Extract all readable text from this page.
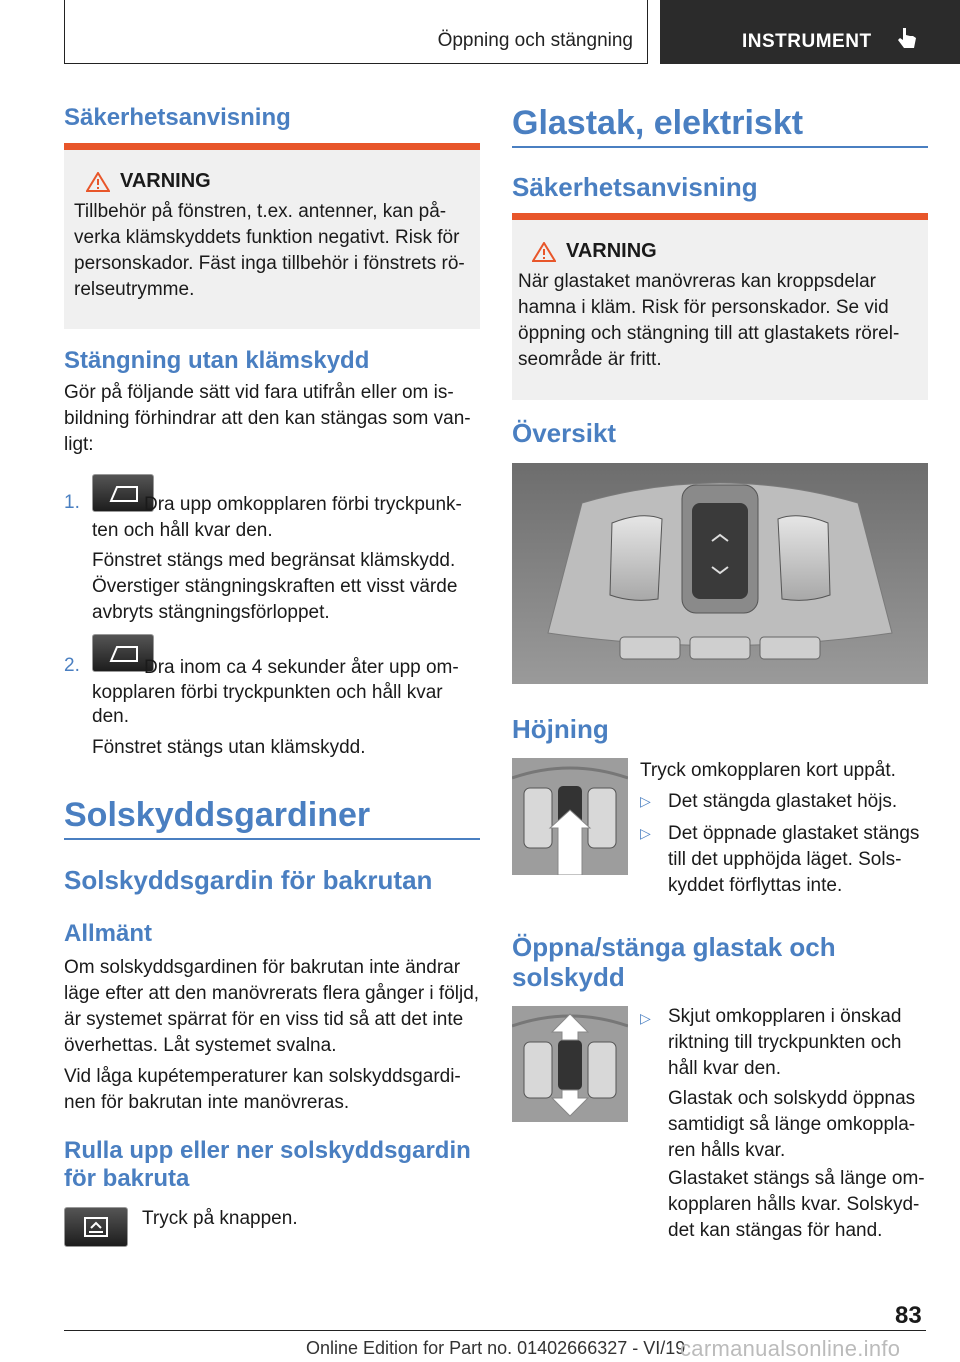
Öppning och stängning	INSTRUMENT
Säkerhetsanvisning
VARNING
Tillbehör på fönstren, t.ex. antenner, kan på-
verka klämskyddets funktion negativt. Risk för
personskador. Fäst inga tillbehör i fönstrets rö-
relseutrymme.
Stängning utan klämskydd
Gör på följande sätt vid fara utifrån eller om is-
bildning förhindrar att den kan stängas som van-
ligt:
1.	Dra upp omkopplaren förbi tryckpunk-
ten och håll kvar den.
Fönstret stängs med begränsat klämskydd.
Överstiger stängningskraften ett visst värde
avbryts stängningsförloppet.
2.	Dra inom ca 4 sekunder åter upp om-
kopplaren förbi tryckpunkten och håll kvar
den.
Fönstret stängs utan klämskydd.
Solskyddsgardiner
Solskyddsgardin för bakrutan
Allmänt
Om solskyddsgardinen för bakrutan inte ändrar
läge efter att den manövrerats flera gånger i följd,
är systemet spärrat för en viss tid så att det inte
överhettas. Låt systemet svalna.
Vid låga kupétemperaturer kan solskyddsgardi-
nen för bakrutan inte manövreras.
Rulla upp eller ner solskyddsgardin
för bakruta
Tryck på knappen.
Glastak, elektriskt
Säkerhetsanvisning
VARNING
När glastaket manövreras kan kroppsdelar
hamna i kläm. Risk för personskador. Se vid
öppning och stängning till att glastakets rörel-
seområde är fritt.
Översikt
Höjning
Tryck omkopplaren kort uppåt.
▷ Det stängda glastaket höjs.
▷ Det öppnade glastaket stängs
till det upphöjda läget. Sols-
kyddet förflyttas inte.
Öppna/stänga glastak och
solskydd
▷ Skjut omkopplaren i önskad
riktning till tryckpunkten och
håll kvar den.
Glastak och solskydd öppnas
samtidigt så länge omkoppla-
ren hålls kvar.
Glastaket stängs så länge om-
kopplaren hålls kvar. Solskyd-
det kan stängas för hand.
83
Online Edition for Part no. 01402666327 - VI/19
carmanualsonline.info
